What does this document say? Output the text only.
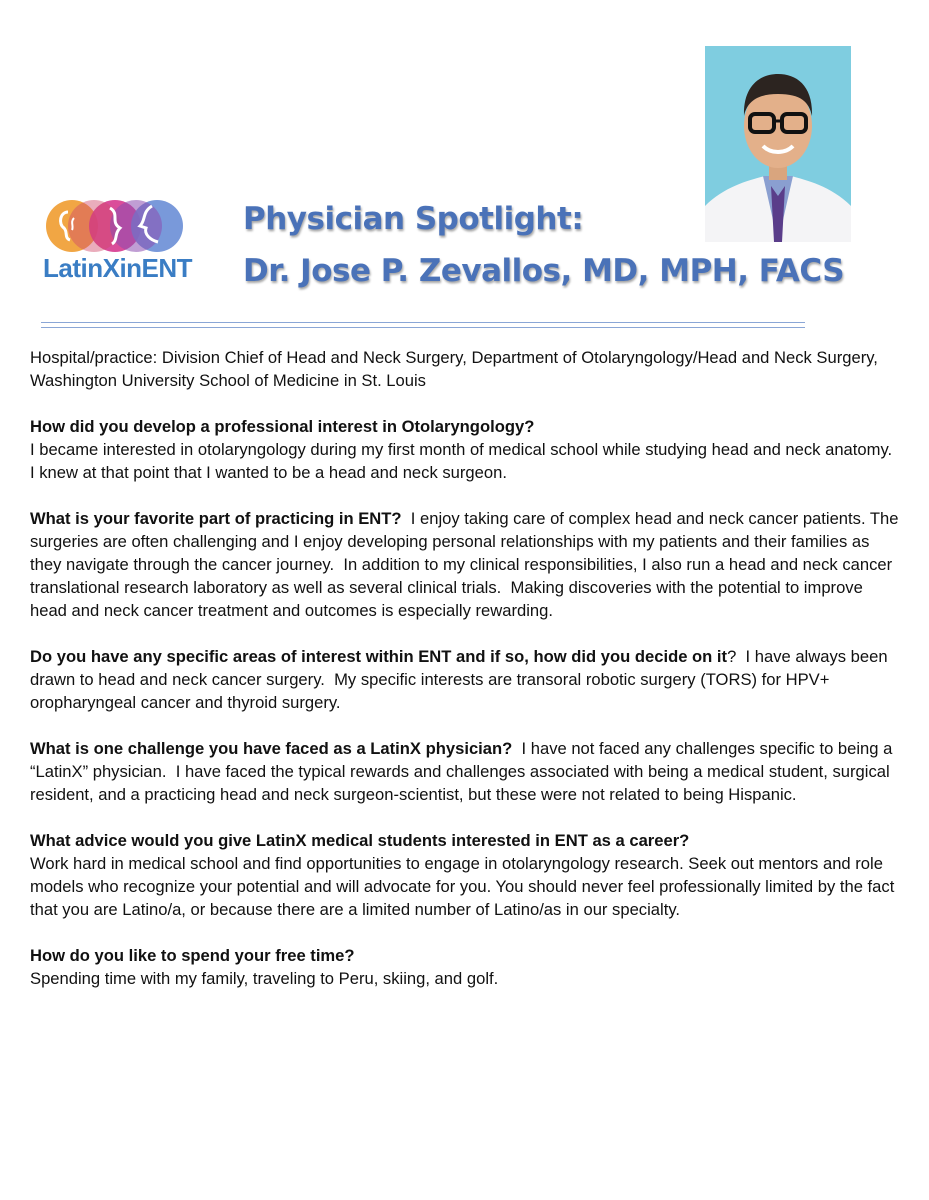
LatinXinENT
Physician Spotlight:
Dr. Jose P. Zevallos, MD, MPH, FACS

Hospital/practice: Division Chief of Head and Neck Surgery, Department of Otolaryngology/Head and Neck Surgery, Washington University School of Medicine in St. Louis

How did you develop a professional interest in Otolaryngology?
I became interested in otolaryngology during my first month of medical school while studying head and neck anatomy. I knew at that point that I wanted to be a head and neck surgeon.

What is your favorite part of practicing in ENT? I enjoy taking care of complex head and neck cancer patients. The surgeries are often challenging and I enjoy developing personal relationships with my patients and their families as they navigate through the cancer journey.  In addition to my clinical responsibilities, I also run a head and neck cancer translational research laboratory as well as several clinical trials.  Making discoveries with the potential to improve head and neck cancer treatment and outcomes is especially rewarding.

Do you have any specific areas of interest within ENT and if so, how did you decide on it?  I have always been drawn to head and neck cancer surgery.  My specific interests are transoral robotic surgery (TORS) for HPV+ oropharyngeal cancer and thyroid surgery.

What is one challenge you have faced as a LatinX physician? I have not faced any challenges specific to being a “LatinX” physician.  I have faced the typical rewards and challenges associated with being a medical student, surgical resident, and a practicing head and neck surgeon-scientist, but these were not related to being Hispanic.

What advice would you give LatinX medical students interested in ENT as a career?
Work hard in medical school and find opportunities to engage in otolaryngology research. Seek out mentors and role models who recognize your potential and will advocate for you. You should never feel professionally limited by the fact that you are Latino/a, or because there are a limited number of Latino/as in our specialty.

How do you like to spend your free time?
Spending time with my family, traveling to Peru, skiing, and golf.
